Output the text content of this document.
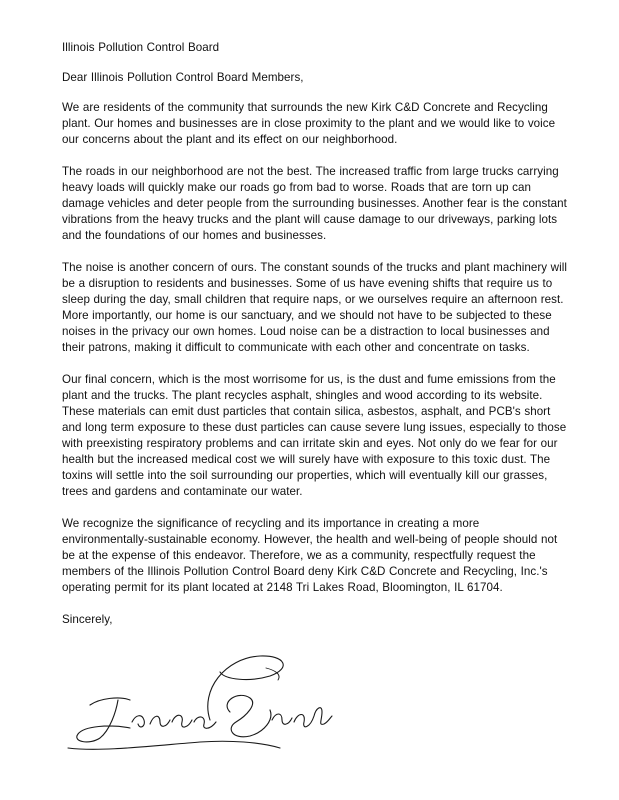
Illinois Pollution Control Board

Dear Illinois Pollution Control Board Members,

We are residents of the community that surrounds the new Kirk C&D Concrete and Recycling plant. Our homes and businesses are in close proximity to the plant and we would like to voice our concerns about the plant and its effect on our neighborhood.

The roads in our neighborhood are not the best. The increased traffic from large trucks carrying heavy loads will quickly make our roads go from bad to worse. Roads that are torn up can damage vehicles and deter people from the surrounding businesses. Another fear is the constant vibrations from the heavy trucks and the plant will cause damage to our driveways, parking lots and the foundations of our homes and businesses.

The noise is another concern of ours. The constant sounds of the trucks and plant machinery will be a disruption to residents and businesses. Some of us have evening shifts that require us to sleep during the day, small children that require naps, or we ourselves require an afternoon rest. More importantly, our home is our sanctuary, and we should not have to be subjected to these noises in the privacy our own homes. Loud noise can be a distraction to local businesses and their patrons, making it difficult to communicate with each other and concentrate on tasks.

Our final concern, which is the most worrisome for us, is the dust and fume emissions from the plant and the trucks. The plant recycles asphalt, shingles and wood according to its website. These materials can emit dust particles that contain silica, asbestos, asphalt, and PCB's short and long term exposure to these dust particles can cause severe lung issues, especially to those with preexisting respiratory problems and can irritate skin and eyes. Not only do we fear for our health but the increased medical cost we will surely have with exposure to this toxic dust. The toxins will settle into the soil surrounding our properties, which will eventually kill our grasses, trees and gardens and contaminate our water.

We recognize the significance of recycling and its importance in creating a more environmentally-sustainable economy. However, the health and well-being of people should not be at the expense of this endeavor. Therefore, we as a community, respectfully request the members of the Illinois Pollution Control Board deny Kirk C&D Concrete and Recycling, Inc.'s operating permit for its plant located at 2148 Tri Lakes Road, Bloomington, IL 61704.

Sincerely,
